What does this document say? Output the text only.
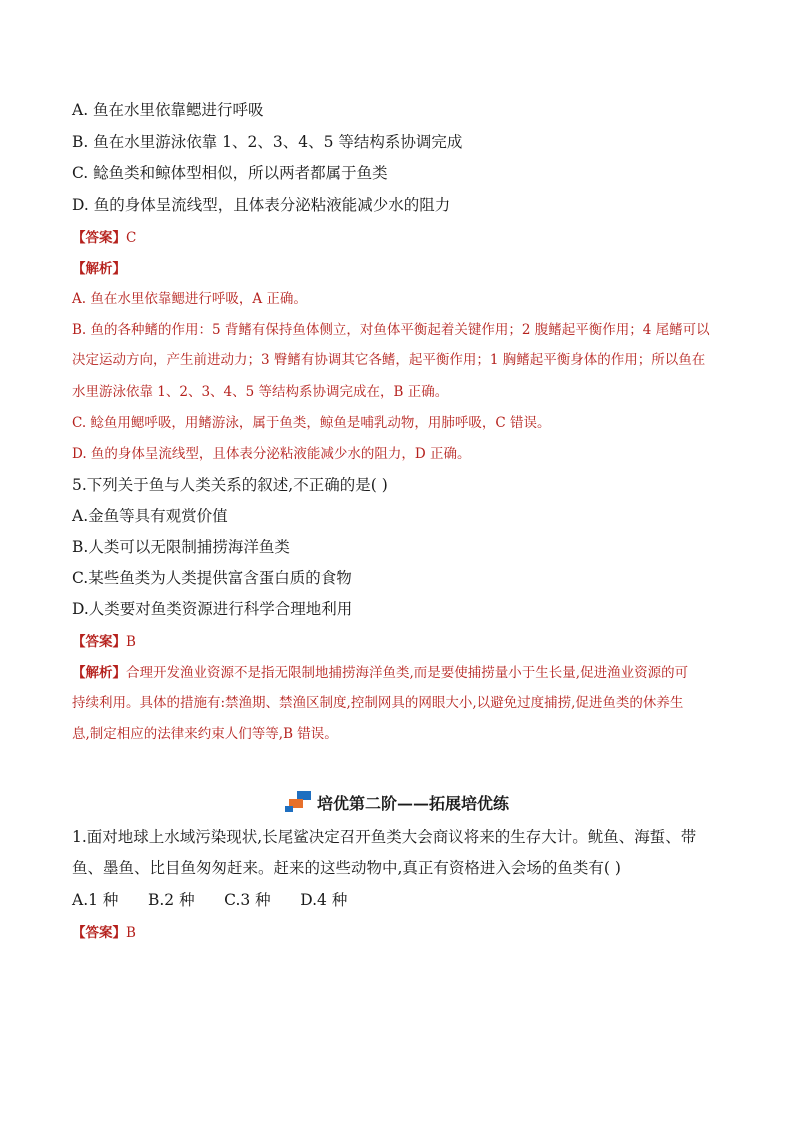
A. 鱼在水里依靠鳃进行呼吸
B. 鱼在水里游泳依靠 1、2、3、4、5 等结构系协调完成
C. 鲶鱼类和鲸体型相似，所以两者都属于鱼类
D. 鱼的身体呈流线型，且体表分泌粘液能减少水的阻力
【答案】C
【解析】
A. 鱼在水里依靠鳃进行呼吸，A 正确。
B. 鱼的各种鳍的作用：5 背鳍有保持鱼体侧立，对鱼体平衡起着关键作用；2 腹鳍起平衡作用；4 尾鳍可以
决定运动方向，产生前进动力；3 臀鳍有协调其它各鳍，起平衡作用；1 胸鳍起平衡身体的作用；所以鱼在
水里游泳依靠 1、2、3、4、5 等结构系协调完成在，B 正确。
C. 鲶鱼用鳃呼吸，用鳍游泳，属于鱼类，鲸鱼是哺乳动物，用肺呼吸，C 错误。
D. 鱼的身体呈流线型，且体表分泌粘液能减少水的阻力，D 正确。
5.下列关于鱼与人类关系的叙述,不正确的是( )
A.金鱼等具有观赏价值
B.人类可以无限制捕捞海洋鱼类
C.某些鱼类为人类提供富含蛋白质的食物
D.人类要对鱼类资源进行科学合理地利用
【答案】B
【解析】合理开发渔业资源不是指无限制地捕捞海洋鱼类,而是要使捕捞量小于生长量,促进渔业资源的可
持续利用。具体的措施有:禁渔期、禁渔区制度,控制网具的网眼大小,以避免过度捕捞,促进鱼类的休养生
息,制定相应的法律来约束人们等等,B 错误。
培优第二阶——拓展培优练
1.面对地球上水域污染现状,长尾鲨决定召开鱼类大会商议将来的生存大计。鱿鱼、海蜇、带
鱼、墨鱼、比目鱼匆匆赶来。赶来的这些动物中,真正有资格进入会场的鱼类有( )
A.1 种      B.2 种      C.3 种      D.4 种
【答案】B
